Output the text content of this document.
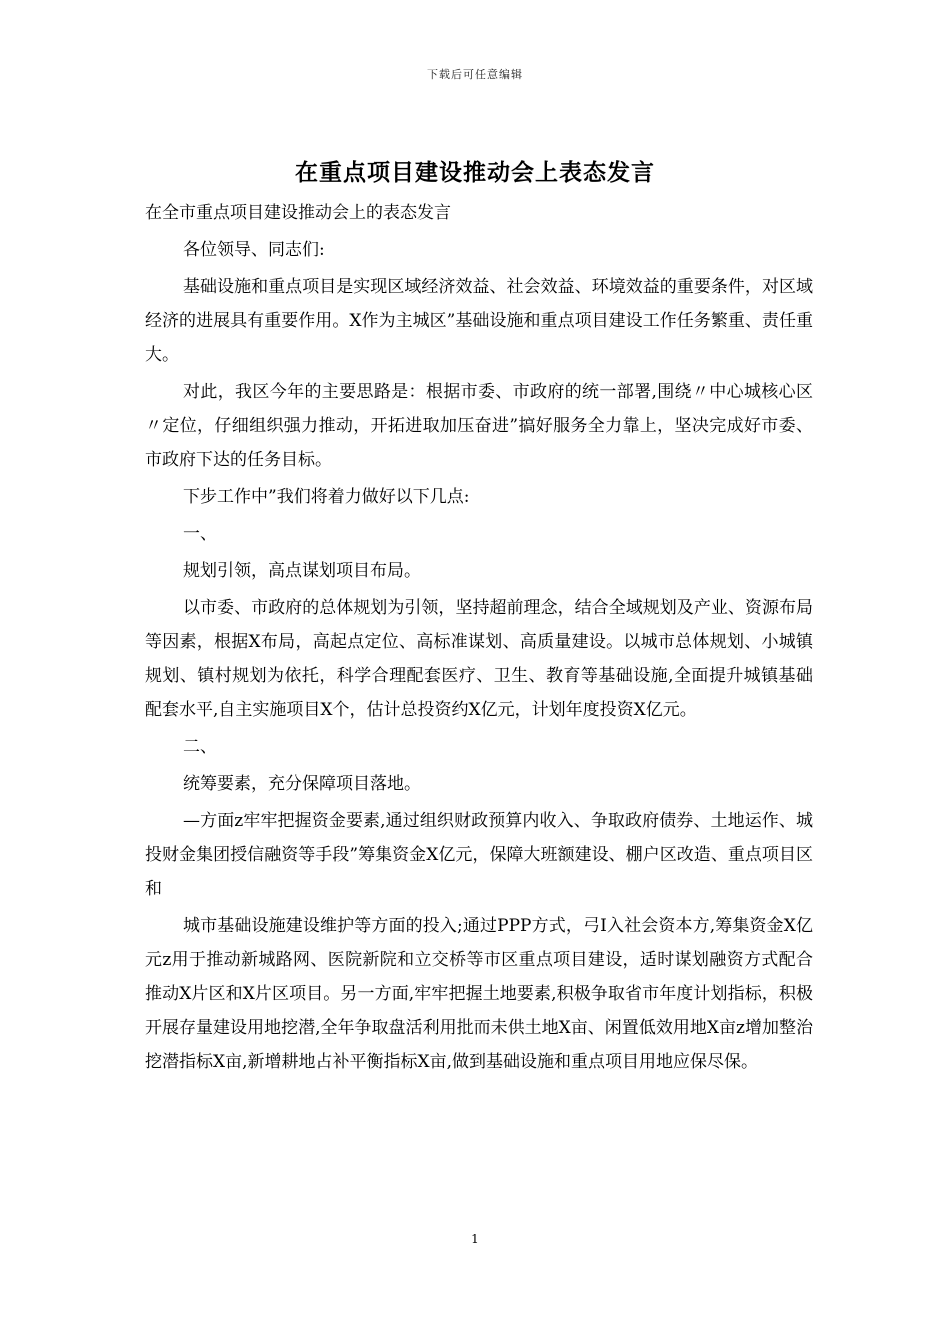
下载后可任意编辑
在重点项目建设推动会上表态发言

在全市重点项目建设推动会上的表态发言

各位领导、同志们:

基础设施和重点项目是实现区域经济效益、社会效益、环境效益的重要条件，对区域经济的进展具有重要作用。X作为主城区”基础设施和重点项目建设工作任务繁重、责任重大。

对此，我区今年的主要思路是：根据市委、市政府的统一部署,围绕〃中心城核心区〃定位，仔细组织强力推动，开拓进取加压奋进”搞好服务全力靠上，坚决完成好市委、市政府下达的任务目标。

下步工作中”我们将着力做好以下几点:

一、

规划引领，高点谋划项目布局。

以市委、市政府的总体规划为引领，坚持超前理念，结合全域规划及产业、资源布局等因素，根据X布局，高起点定位、高标准谋划、高质量建设。以城市总体规划、小城镇规划、镇村规划为依托，科学合理配套医疗、卫生、教育等基础设施,全面提升城镇基础配套水平,自主实施项目X个，估计总投资约X亿元，计划年度投资X亿元。

二、

统筹要素，充分保障项目落地。

—方面z牢牢把握资金要素,通过组织财政预算内收入、争取政府债券、土地运作、城投财金集团授信融资等手段”筹集资金X亿元，保障大班额建设、棚户区改造、重点项目区和

城市基础设施建设维护等方面的投入;通过PPP方式，弓I入社会资本方,筹集资金X亿元z用于推动新城路网、医院新院和立交桥等市区重点项目建设，适时谋划融资方式配合推动X片区和X片区项目。另一方面,牢牢把握土地要素,积极争取省市年度计划指标，积极开展存量建设用地挖潜,全年争取盘活利用批而未供土地X亩、闲置低效用地X亩z增加整治挖潜指标X亩,新增耕地占补平衡指标X亩,做到基础设施和重点项目用地应保尽保。

1
